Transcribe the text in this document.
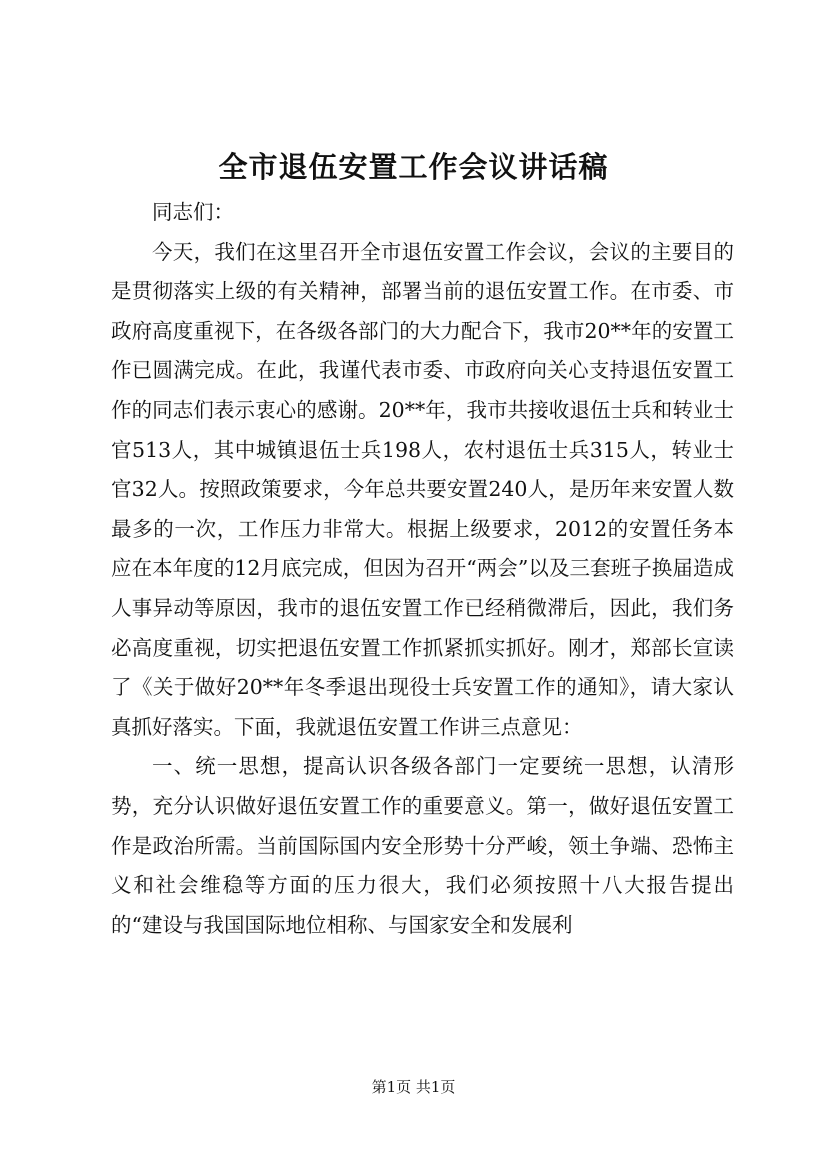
全市退伍安置工作会议讲话稿

同志们：

今天，我们在这里召开全市退伍安置工作会议，会议的主要目的是贯彻落实上级的有关精神，部署当前的退伍安置工作。在市委、市政府高度重视下，在各级各部门的大力配合下，我市20**年的安置工作已圆满完成。在此，我谨代表市委、市政府向关心支持退伍安置工作的同志们表示衷心的感谢。20**年，我市共接收退伍士兵和转业士官513人，其中城镇退伍士兵198人，农村退伍士兵315人，转业士官32人。按照政策要求，今年总共要安置240人，是历年来安置人数最多的一次，工作压力非常大。根据上级要求，2012的安置任务本应在本年度的12月底完成，但因为召开“两会”以及三套班子换届造成人事异动等原因，我市的退伍安置工作已经稍微滞后，因此，我们务必高度重视，切实把退伍安置工作抓紧抓实抓好。刚才，郑部长宣读了《关于做好20**年冬季退出现役士兵安置工作的通知》，请大家认真抓好落实。下面，我就退伍安置工作讲三点意见：

一、统一思想，提高认识各级各部门一定要统一思想，认清形势，充分认识做好退伍安置工作的重要意义。第一，做好退伍安置工作是政治所需。当前国际国内安全形势十分严峻，领土争端、恐怖主义和社会维稳等方面的压力很大，我们必须按照十八大报告提出的“建设与我国国际地位相称、与国家安全和发展利

第1页 共1页
